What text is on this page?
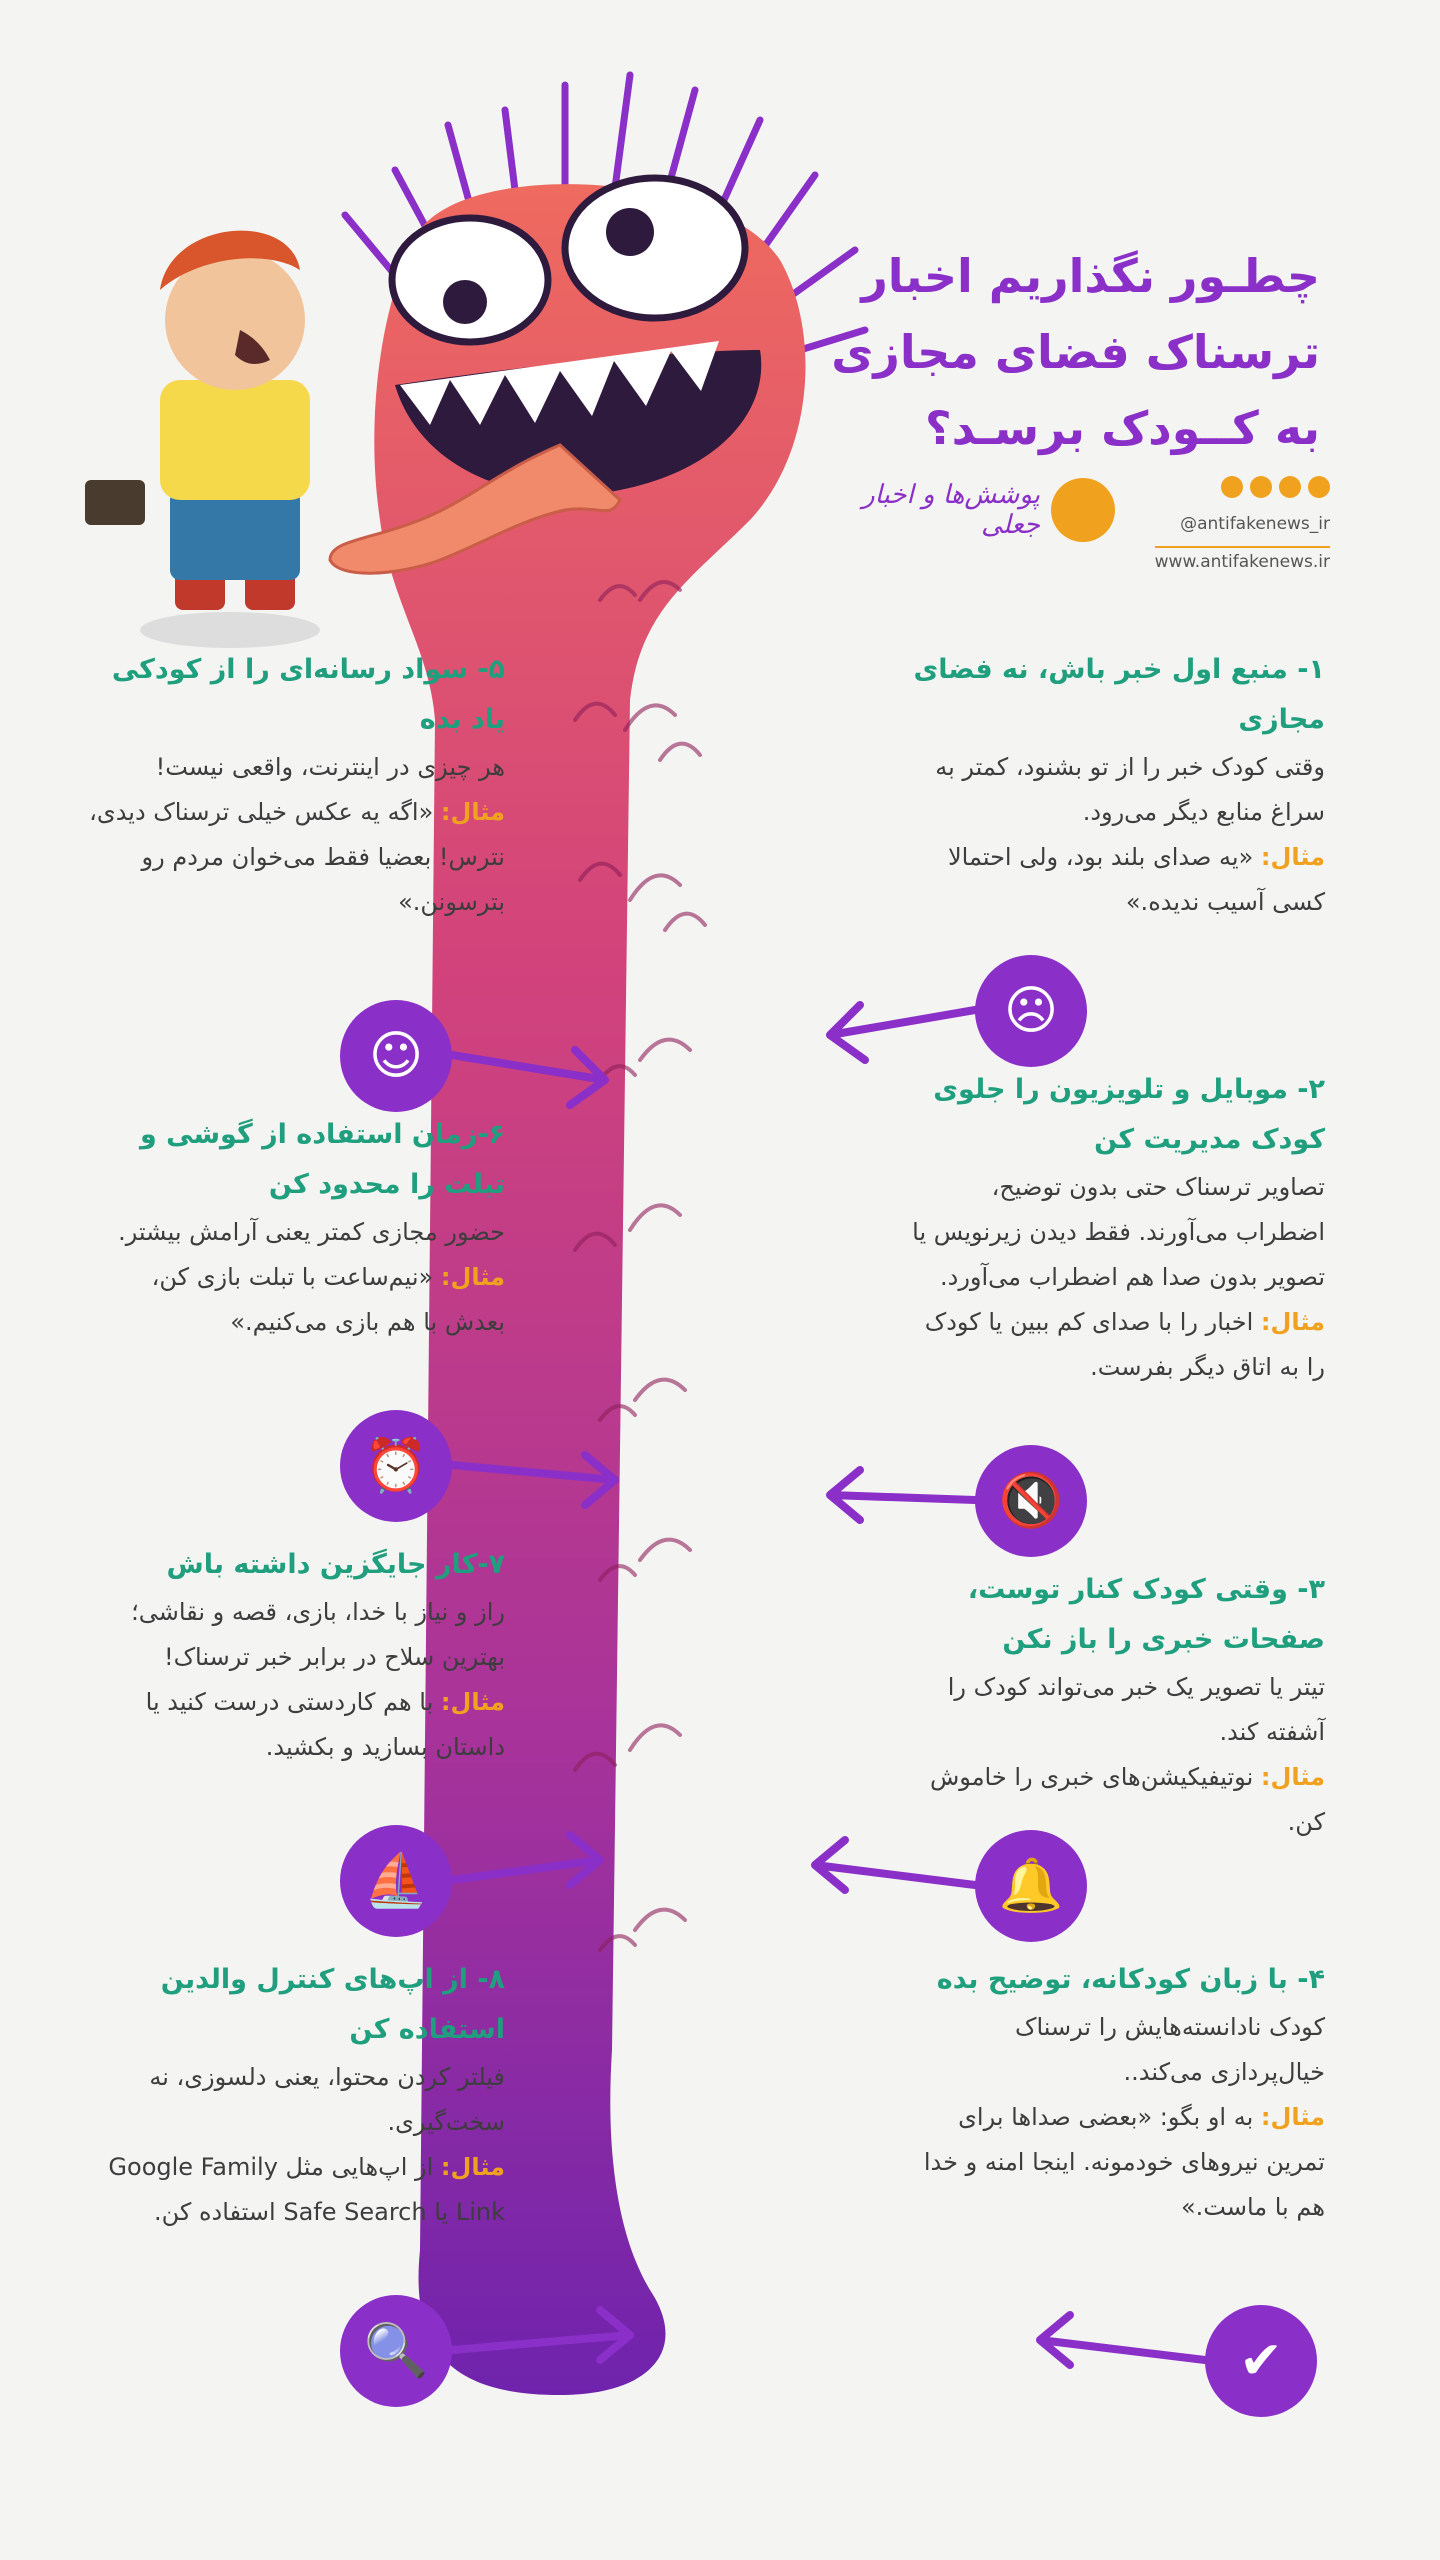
چطـور نگذاریم اخبار
ترسناک فضای مجازی
به کــودک برسـد؟
@antifakenews_ir
www.antifakenews.ir
پوشش‌ها و اخبار جعلی
۱- منبع اول خبر باش، نه فضای مجازی

وقتی کودک خبر را از تو بشنود، کمتر به سراغ منابع دیگر می‌رود.

مثال: «یه صدای بلند بود، ولی احتمالا کسی آسیب ندیده.»

☹
۲- موبایل و تلویزیون را جلوی کودک مدیریت کن

تصاویر ترسناک حتی بدون توضیح، اضطراب می‌آورند. فقط دیدن زیرنویس یا تصویر بدون صدا هم اضطراب می‌آورد.

مثال: اخبار را با صدای کم ببین یا کودک را به اتاق دیگر بفرست.

🔇
۳- وقتی کودک کنار توست، صفحات خبری را باز نکن

تیتر یا تصویر یک خبر می‌تواند کودک را آشفته کند.

مثال: نوتیفیکیشن‌های خبری را خاموش کن.

🔔
۴- با زبان کودکانه، توضیح بده

کودک نادانسته‌هایش را ترسناک خیال‌پردازی می‌کند..

مثال: به او بگو: «بعضی صداها برای تمرین نیروهای خودمونه. اینجا امنه و خدا هم با ماست.»

✔
۵- سواد رسانه‌ای را از کودکی یاد بده

هر چیزی در اینترنت، واقعی نیست!

مثال: «اگه یه عکس خیلی ترسناک دیدی، نترس! بعضیا فقط می‌خوان مردم رو بترسونن.»

☺
۶-زمان استفاده از گوشی و تبلت را محدود کن

حضور مجازی کمتر یعنی آرامش بیشتر.

مثال: «نیم‌ساعت با تبلت بازی کن، بعدش با هم بازی می‌کنیم.»

⏰
۷-کار جایگزین داشته باش

راز و نیاز با خدا، بازی، قصه و نقاشی؛ بهترین سلاح در برابر خبر ترسناک!

مثال: با هم کاردستی درست کنید یا داستان بسازید و بکشید.

⛵
۸- از اپ‌های کنترل والدین استفاده کن

فیلتر کردن محتوا، یعنی دلسوزی، نه سخت‌گیری.

مثال: از اپ‌هایی مثل Google Family Link یا Safe Search استفاده کن.

🔍
